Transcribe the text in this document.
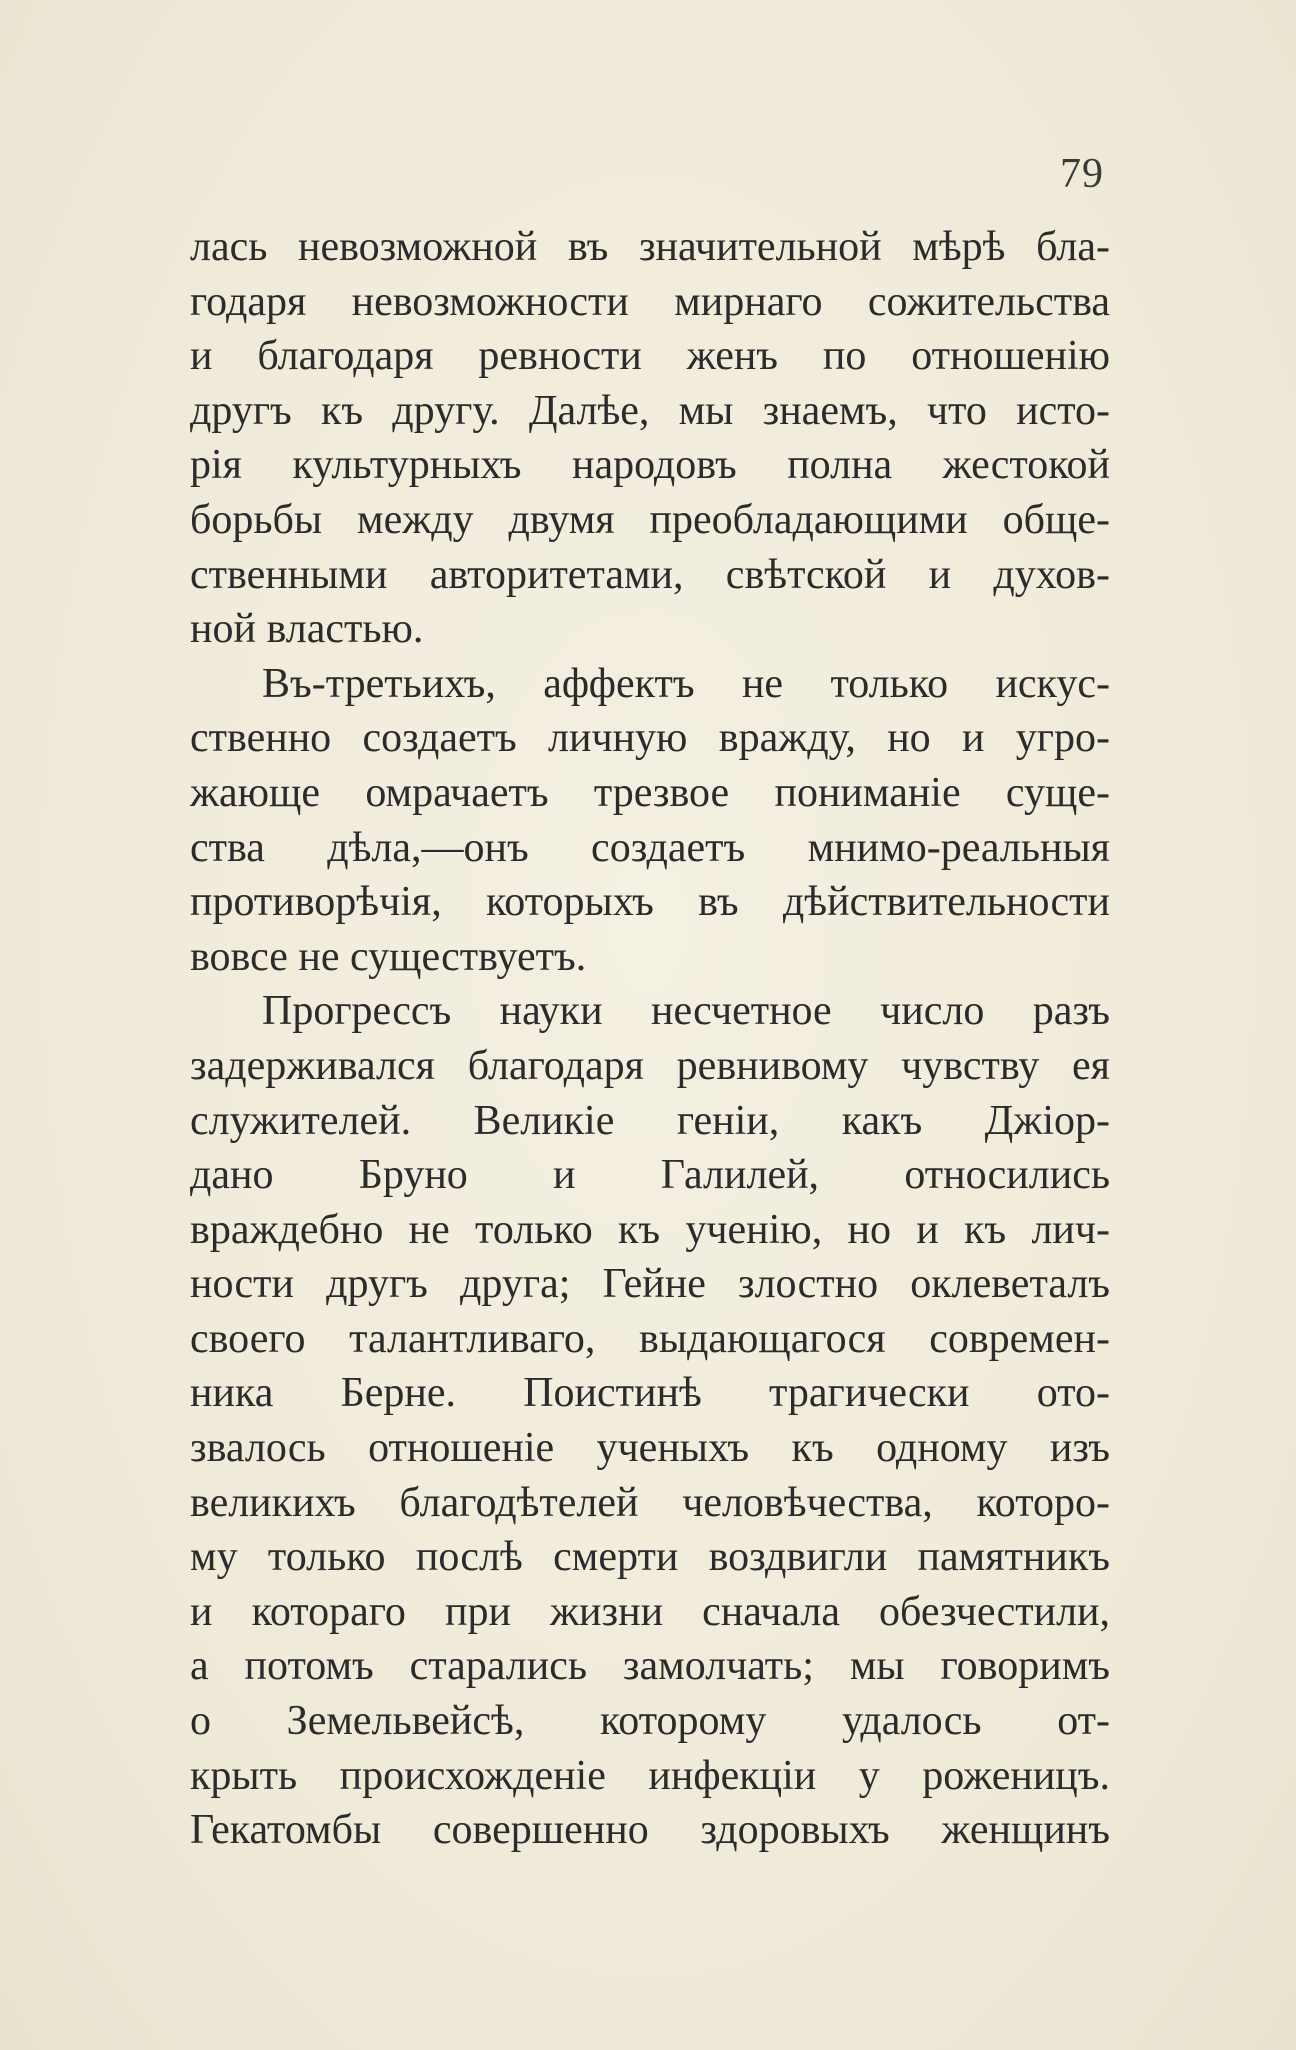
79
лась невозможной въ значительной мѣрѣ бла-
годаря невозможности мирнаго сожительства
и благодаря ревности женъ по отношенію
другъ къ другу. Далѣе, мы знаемъ, что исто-
рія культурныхъ народовъ полна жестокой
борьбы между двумя преобладающими обще-
ственными авторитетами, свѣтской и духов-
ной властью.
Въ-третьихъ, аффектъ не только искус-
ственно создаетъ личную вражду, но и угро-
жающе омрачаетъ трезвое пониманіе суще-
ства дѣла,—онъ создаетъ мнимо-реальныя
противорѣчія, которыхъ въ дѣйствительности
вовсе не существуетъ.
Прогрессъ науки несчетное число разъ
задерживался благодаря ревнивому чувству ея
служителей. Великіе геніи, какъ Джіор-
дано Бруно и Галилей, относились
враждебно не только къ ученію, но и къ лич-
ности другъ друга; Гейне злостно оклеветалъ
своего талантливаго, выдающагося современ-
ника Берне. Поистинѣ трагически ото-
звалось отношеніе ученыхъ къ одному изъ
великихъ благодѣтелей человѣчества, которо-
му только послѣ смерти воздвигли памятникъ
и котораго при жизни сначала обезчестили,
а потомъ старались замолчать; мы говоримъ
о Земельвейсѣ, которому удалось от-
крыть происхожденіе инфекціи у роженицъ.
Гекатомбы совершенно здоровыхъ женщинъ
